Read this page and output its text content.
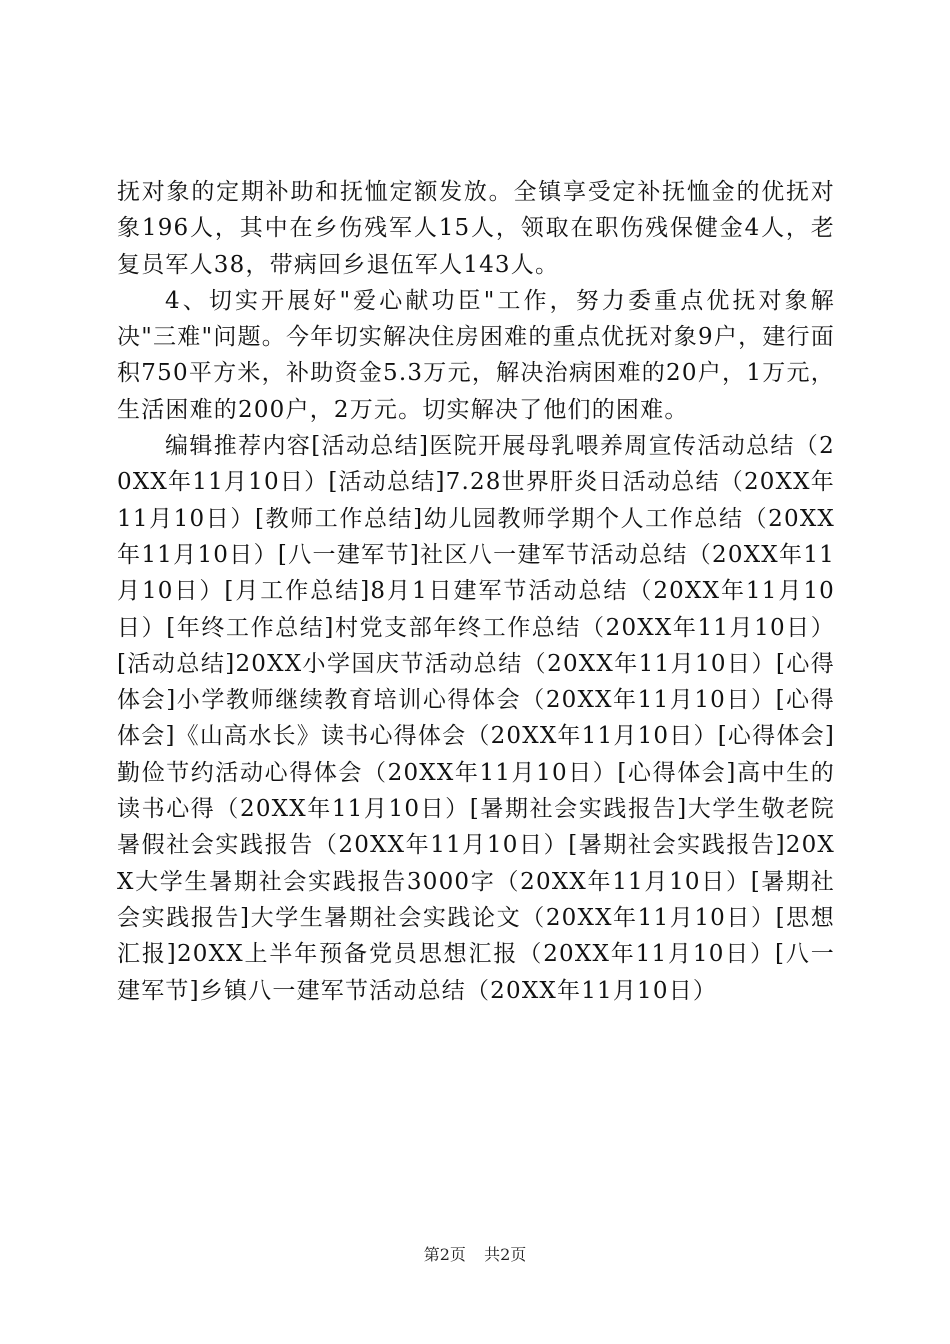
抚对象的定期补助和抚恤定额发放。全镇享受定补抚恤金的优抚对象196人，其中在乡伤残军人15人，领取在职伤残保健金4人，老复员军人38，带病回乡退伍军人143人。

4、切实开展好"爱心献功臣"工作，努力委重点优抚对象解决"三难"问题。今年切实解决住房困难的重点优抚对象9户，建行面积750平方米，补助资金5.3万元，解决治病困难的20户，1万元，生活困难的200户，2万元。切实解决了他们的困难。

编辑推荐内容[活动总结]医院开展母乳喂养周宣传活动总结（20XX年11月10日）[活动总结]7.28世界肝炎日活动总结（20XX年11月10日）[教师工作总结]幼儿园教师学期个人工作总结（20XX年11月10日）[八一建军节]社区八一建军节活动总结（20XX年11月10日）[月工作总结]8月1日建军节活动总结（20XX年11月10日）[年终工作总结]村党支部年终工作总结（20XX年11月10日）[活动总结]20XX小学国庆节活动总结（20XX年11月10日）[心得体会]小学教师继续教育培训心得体会（20XX年11月10日）[心得体会]《山高水长》读书心得体会（20XX年11月10日）[心得体会]勤俭节约活动心得体会（20XX年11月10日）[心得体会]高中生的读书心得（20XX年11月10日）[暑期社会实践报告]大学生敬老院暑假社会实践报告（20XX年11月10日）[暑期社会实践报告]20XX大学生暑期社会实践报告3000字（20XX年11月10日）[暑期社会实践报告]大学生暑期社会实践论文（20XX年11月10日）[思想汇报]20XX上半年预备党员思想汇报（20XX年11月10日）[八一建军节]乡镇八一建军节活动总结（20XX年11月10日）

第2页 共2页
